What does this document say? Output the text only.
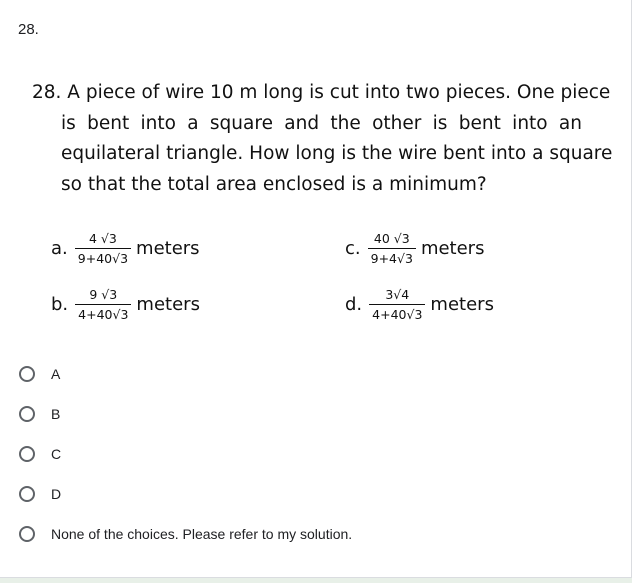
28.
28. A piece of wire 10 m long is cut into two pieces. One piece
is bent into a square and the other is bent into an
equilateral triangle. How long is the wire bent into a square
so that the total area enclosed is a minimum?
a. $\frac{4 √3}{9+40√3}$ meters
b. $\frac{9 √3}{4+40√3}$ meters
c. $\frac{40 √3}{9+4√3}$ meters
d. $\frac{3√4}{4+40√3}$ meters
A
B
C
D
None of the choices. Please refer to my solution.
